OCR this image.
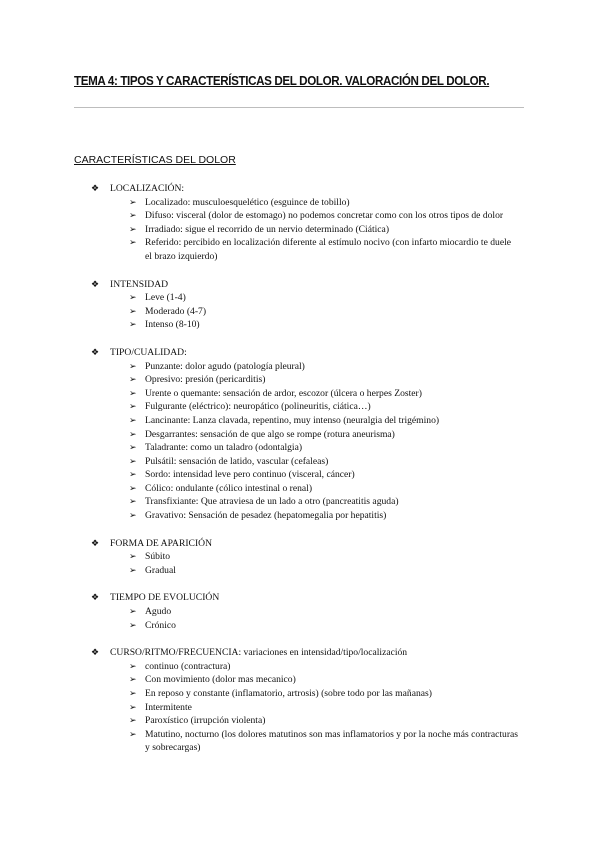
TEMA 4: TIPOS Y CARACTERÍSTICAS DEL DOLOR. VALORACIÓN DEL DOLOR.
CARACTERÍSTICAS DEL DOLOR
❖ LOCALIZACIÓN:
➢ Localizado: musculoesquelético (esguince de tobillo)
➢ Difuso: visceral (dolor de estomago) no podemos concretar como con los otros tipos de dolor
➢ Irradiado: sigue el recorrido de un nervio determinado (Ciática)
➢ Referido: percibido en localización diferente al estímulo nocivo (con infarto miocardio te duele el brazo izquierdo)
❖ INTENSIDAD
➢ Leve (1-4)
➢ Moderado (4-7)
➢ Intenso (8-10)
❖ TIPO/CUALIDAD:
➢ Punzante: dolor agudo (patología pleural)
➢ Opresivo: presión (pericarditis)
➢ Urente o quemante: sensación de ardor, escozor (úlcera o herpes Zoster)
➢ Fulgurante (eléctrico): neuropático (polineuritis, ciática…)
➢ Lancinante: Lanza clavada, repentino, muy intenso (neuralgia del trigémino)
➢ Desgarrantes: sensación de que algo se rompe (rotura aneurisma)
➢ Taladrante: como un taladro (odontalgia)
➢ Pulsátil: sensación de latido, vascular (cefaleas)
➢ Sordo: intensidad leve pero continuo (visceral, cáncer)
➢ Cólico: ondulante (cólico intestinal o renal)
➢ Transfixiante: Que atraviesa de un lado a otro (pancreatitis aguda)
➢ Gravativo: Sensación de pesadez (hepatomegalia por hepatitis)
❖ FORMA DE APARICIÓN
➢ Súbito
➢ Gradual
❖ TIEMPO DE EVOLUCIÓN
➢ Agudo
➢ Crónico
❖ CURSO/RITMO/FRECUENCIA: variaciones en intensidad/tipo/localización
➢ continuo (contractura)
➢ Con movimiento (dolor mas mecanico)
➢ En reposo y constante (inflamatorio, artrosis) (sobre todo por las mañanas)
➢ Intermitente
➢ Paroxístico (irrupción violenta)
➢ Matutino, nocturno (los dolores matutinos son mas inflamatorios y por la noche más contracturas y sobrecargas)
